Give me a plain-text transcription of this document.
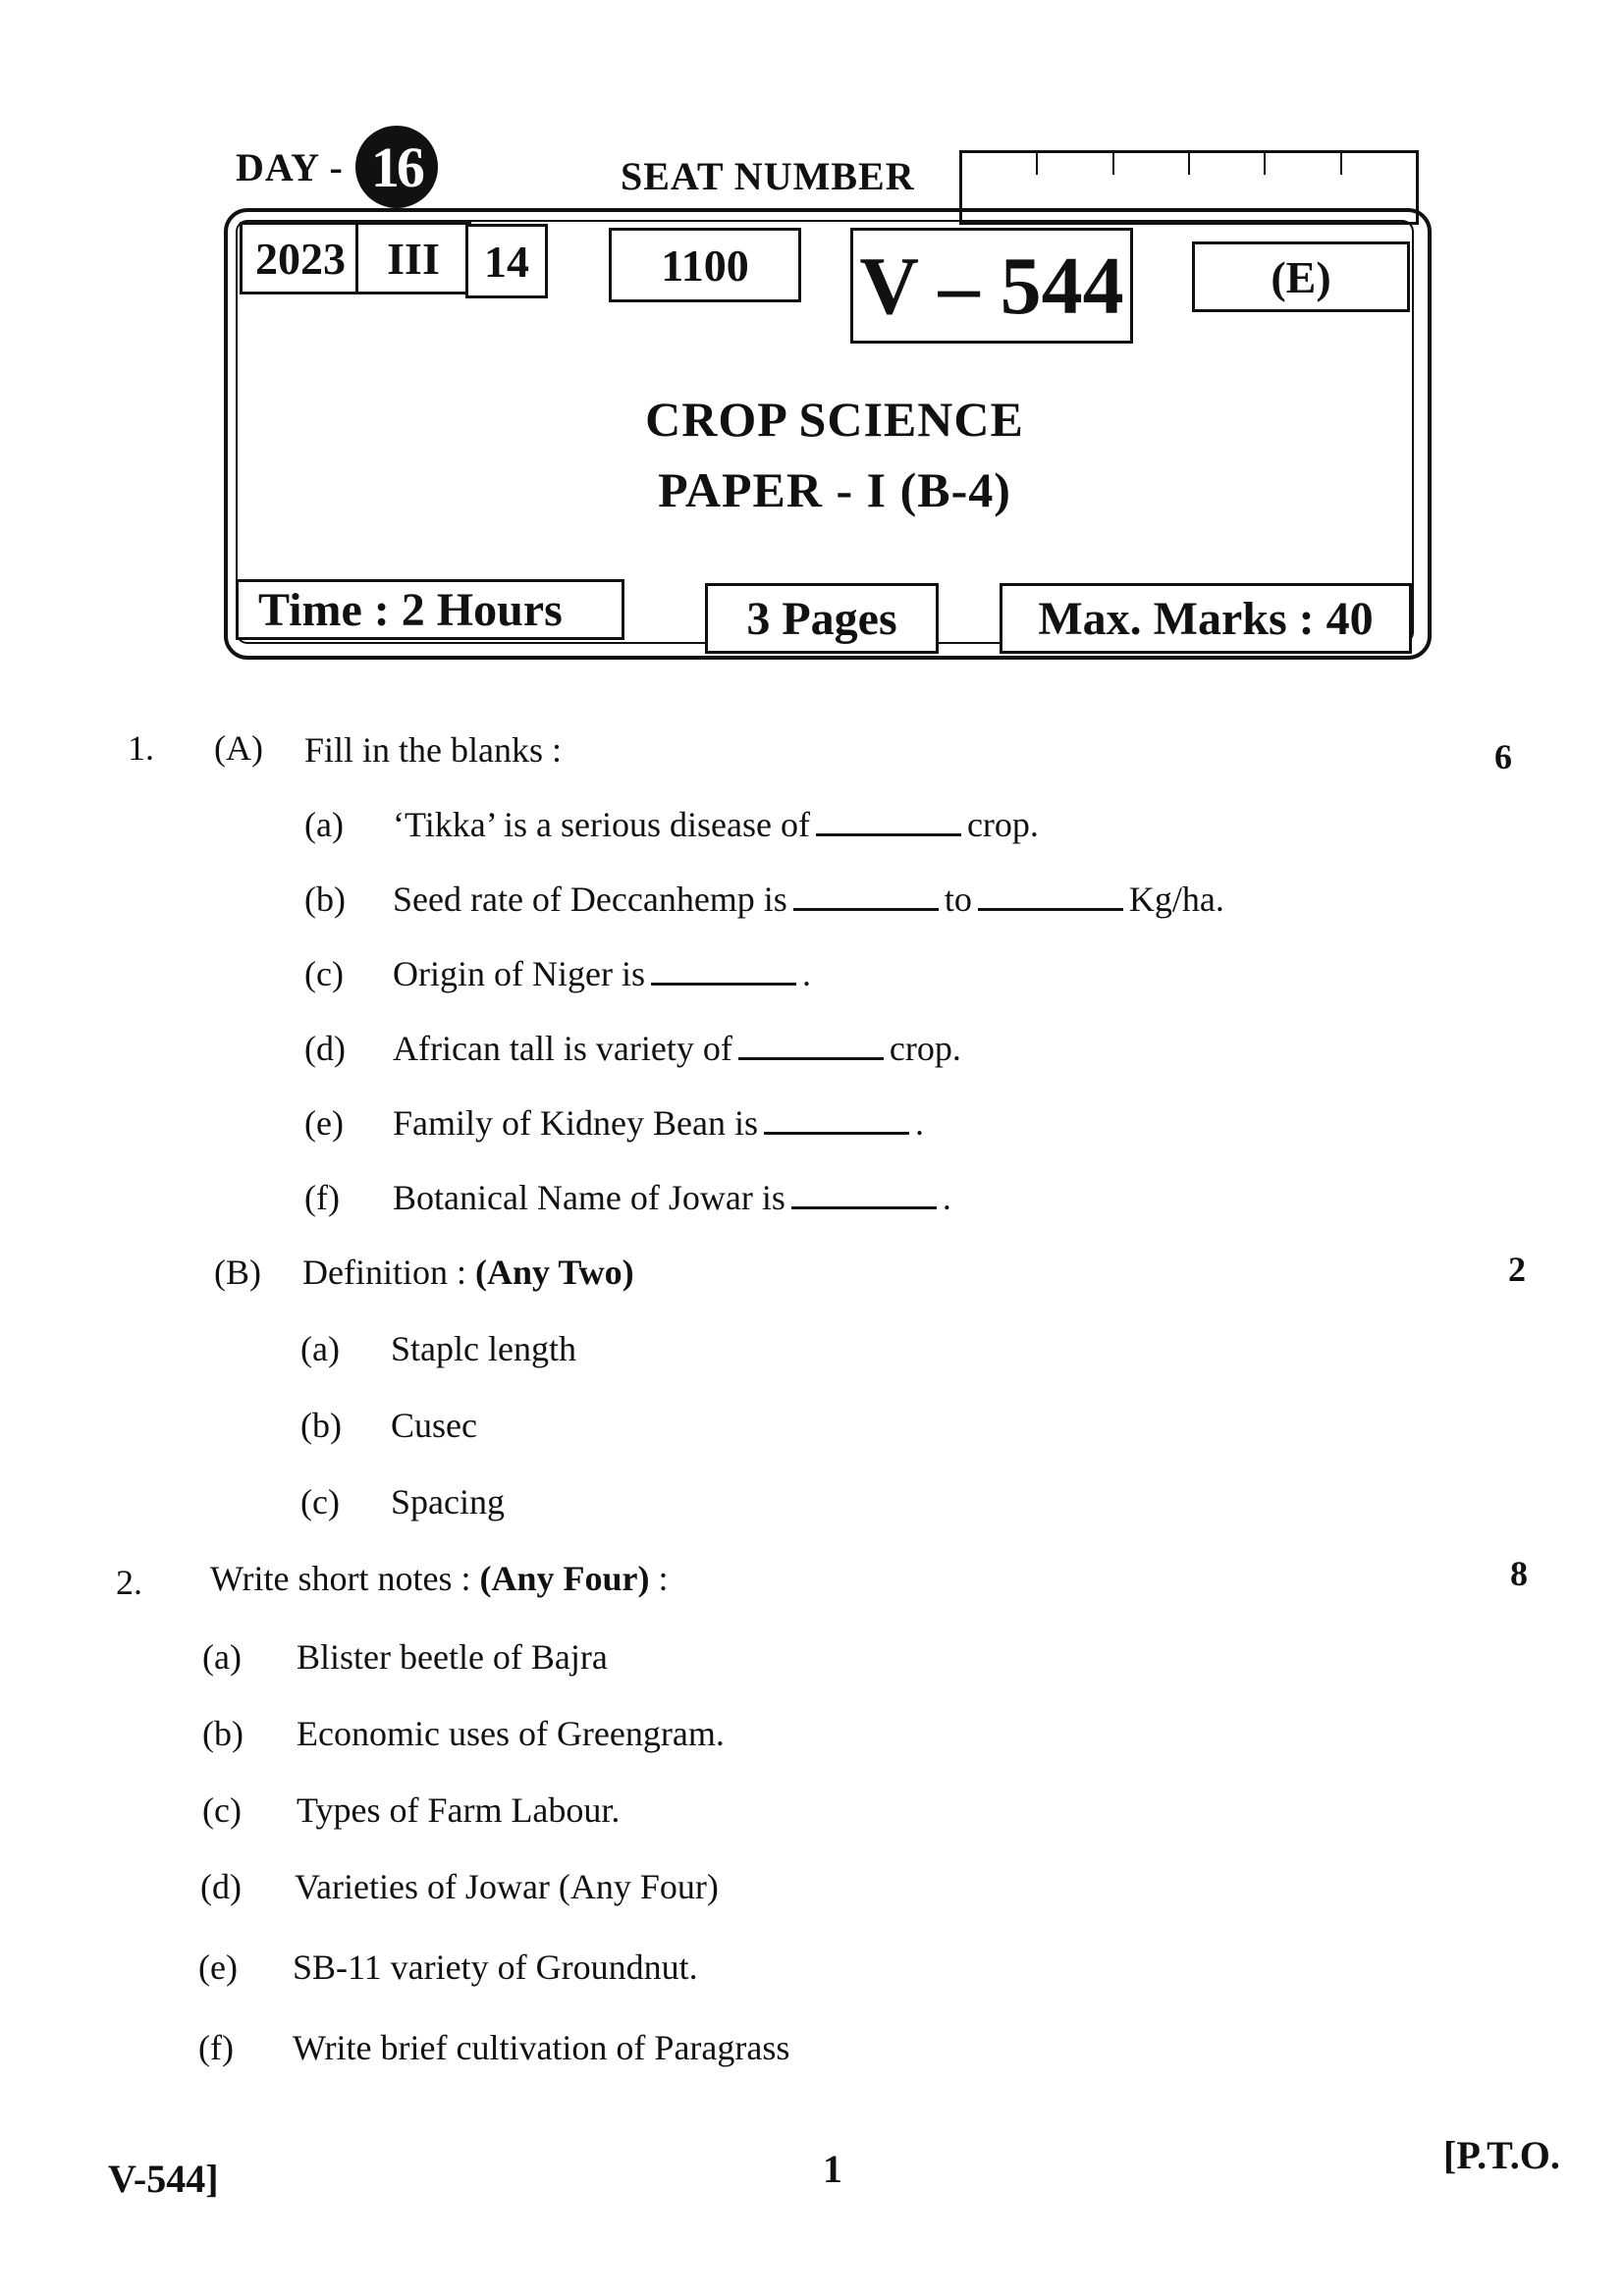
DAY - 16	SEAT NUMBER
2023 III 14	1100	V – 544	(E)
CROP SCIENCE
PAPER - I (B-4)
Time : 2 Hours	3 Pages	Max. Marks : 40
1. (A) Fill in the blanks :	6
(a) ‘Tikka’ is a serious disease of	crop.
(b) Seed rate of Deccanhemp is	to	Kg/ha.
(c) Origin of Niger is	.
(d) African tall is variety of	crop.
(e) Family of Kidney Bean is	.
(f) Botanical Name of Jowar is	.
(B) Definition : (Any Two)	2
(a) Staplc length
(b) Cusec
(c) Spacing
2. Write short notes : (Any Four) :	8
(a) Blister beetle of Bajra
(b) Economic uses of Greengram.
(c) Types of Farm Labour.
(d) Varieties of Jowar (Any Four)
(e) SB-11 variety of Groundnut.
(f) Write brief cultivation of Paragrass
V-544]	1	[P.T.O.
